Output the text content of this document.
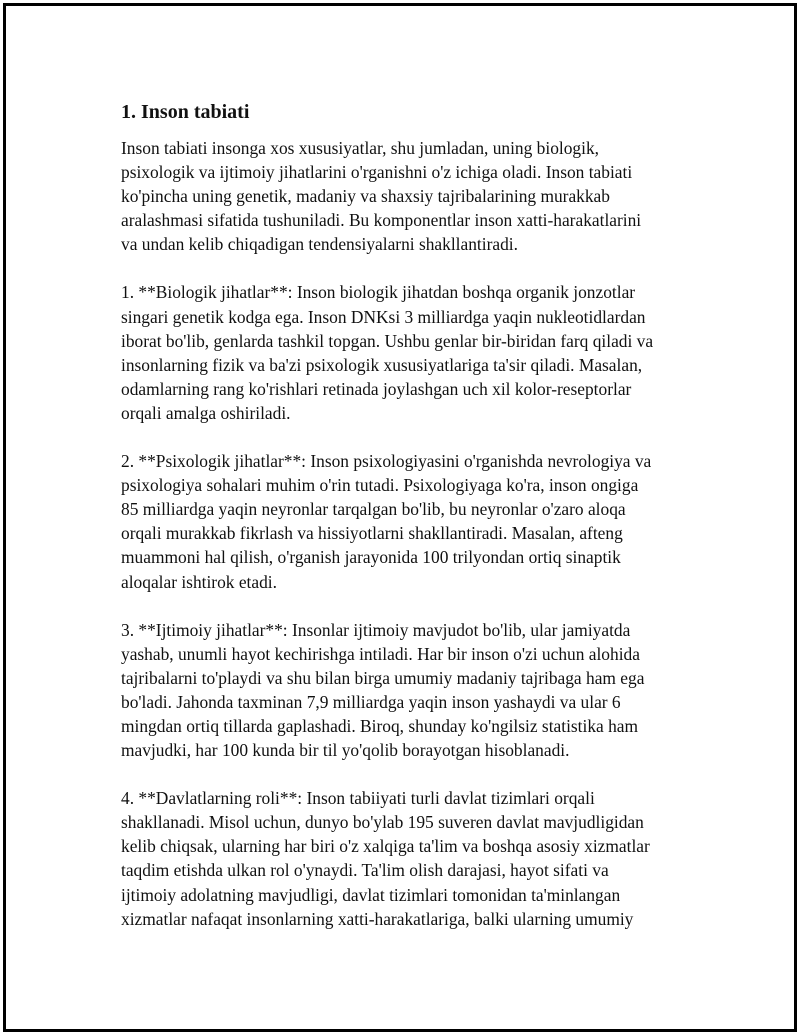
1. Inson tabiati

Inson tabiati insonga xos xususiyatlar, shu jumladan, uning biologik,
psixologik va ijtimoiy jihatlarini o'rganishni o'z ichiga oladi. Inson tabiati
ko'pincha uning genetik, madaniy va shaxsiy tajribalarining murakkab
aralashmasi sifatida tushuniladi. Bu komponentlar inson xatti-harakatlarini
va undan kelib chiqadigan tendensiyalarni shakllantiradi.

1. **Biologik jihatlar**: Inson biologik jihatdan boshqa organik jonzotlar
singari genetik kodga ega. Inson DNKsi 3 milliardga yaqin nukleotidlardan
iborat bo'lib, genlarda tashkil topgan. Ushbu genlar bir-biridan farq qiladi va
insonlarning fizik va ba'zi psixologik xususiyatlariga ta'sir qiladi. Masalan,
odamlarning rang ko'rishlari retinada joylashgan uch xil kolor-reseptorlar
orqali amalga oshiriladi.

2. **Psixologik jihatlar**: Inson psixologiyasini o'rganishda nevrologiya va
psixologiya sohalari muhim o'rin tutadi. Psixologiyaga ko'ra, inson ongiga
85 milliardga yaqin neyronlar tarqalgan bo'lib, bu neyronlar o'zaro aloqa
orqali murakkab fikrlash va hissiyotlarni shakllantiradi. Masalan, afteng
muammoni hal qilish, o'rganish jarayonida 100 trilyondan ortiq sinaptik
aloqalar ishtirok etadi.

3. **Ijtimoiy jihatlar**: Insonlar ijtimoiy mavjudot bo'lib, ular jamiyatda
yashab, unumli hayot kechirishga intiladi. Har bir inson o'zi uchun alohida
tajribalarni to'playdi va shu bilan birga umumiy madaniy tajribaga ham ega
bo'ladi. Jahonda taxminan 7,9 milliardga yaqin inson yashaydi va ular 6
mingdan ortiq tillarda gaplashadi. Biroq, shunday ko'ngilsiz statistika ham
mavjudki, har 100 kunda bir til yo'qolib borayotgan hisoblanadi.

4. **Davlatlarning roli**: Inson tabiiyati turli davlat tizimlari orqali
shakllanadi. Misol uchun, dunyo bo'ylab 195 suveren davlat mavjudligidan
kelib chiqsak, ularning har biri o'z xalqiga ta'lim va boshqa asosiy xizmatlar
taqdim etishda ulkan rol o'ynaydi. Ta'lim olish darajasi, hayot sifati va
ijtimoiy adolatning mavjudligi, davlat tizimlari tomonidan ta'minlangan
xizmatlar nafaqat insonlarning xatti-harakatlariga, balki ularning umumiy
